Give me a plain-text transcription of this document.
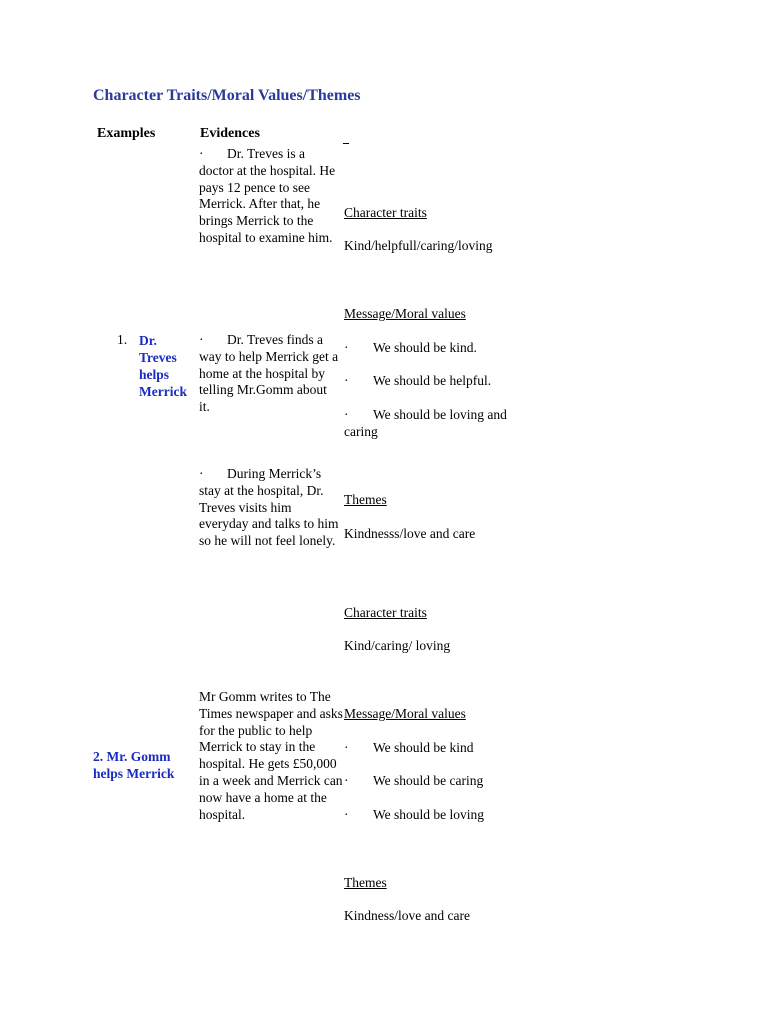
Character Traits/Moral Values/Themes
Examples	Evidences
1. Dr.
Treves
helps
Merrick
· Dr. Treves is a doctor at the hospital. He pays 12 pence to see Merrick. After that, he brings Merrick to the hospital to examine him.
· Dr. Treves finds a way to help Merrick get a home at the hospital by telling Mr.Gomm about it.
· During Merrick’s stay at the hospital, Dr. Treves visits him everyday and talks to him so he will not feel lonely.
Character traits
Kind/helpfull/caring/loving
Message/Moral values
· We should be kind.
· We should be helpful.
· We should be loving and
caring
Themes
Kindnesss/love and care
Character traits
Kind/caring/ loving
2. Mr. Gomm
helps Merrick
Mr Gomm writes to The Times newspaper and asks for the public to help Merrick to stay in the hospital. He gets £50,000 in a week and Merrick can now have a home at the hospital.
Message/Moral values
· We should be kind
· We should be caring
· We should be loving
Themes
Kindness/love and care
